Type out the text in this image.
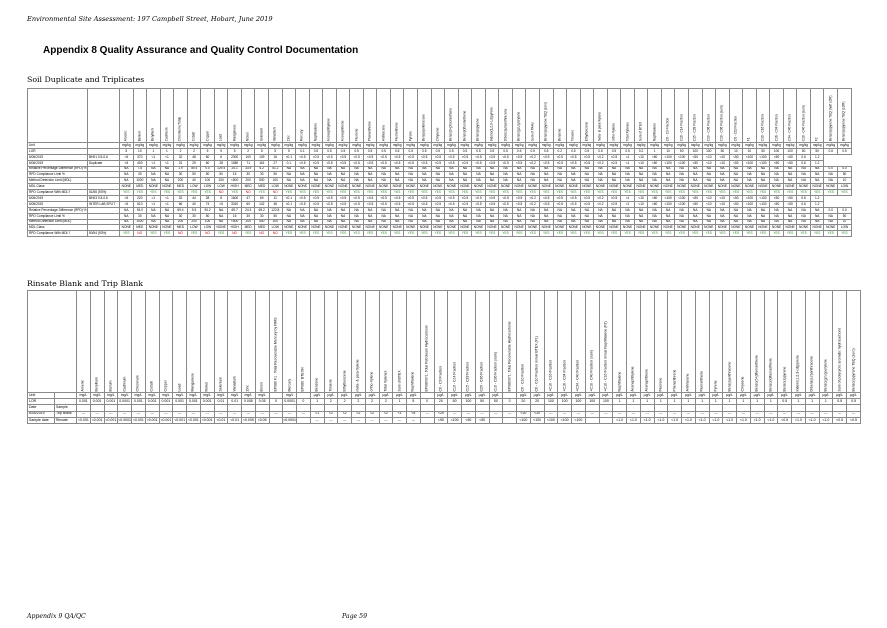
Environmental Site Assessment: 197 Campbell Street, Hobart, June 2019
Appendix 8 Quality Assurance and Quality Control Documentation
Soil Duplicate and Triplicates

		Arsenic	Barium	Beryllium	Cadmium	Chromium (Total)	Cobalt	Copper	Lead	Manganese	Nickel	Selenium	Vanadium	Zinc	Mercury	Naphthalene	Acenaphthylene	Acenaphthene	Fluorene	Phenanthrene	Anthracene	Fluoranthene	Pyrene	Benz(a)anthracene	Chrysene	Benzo(b+j)fluoranthene	Benzo(k)fluoranthene	Benzo(a)pyrene	Indeno(1,2,3-c,d)pyrene	Dibenz(a,h)anthracene	Benzo(g,h,i)perylene	Sum of PAHs	Benzo(a)pyrene TEQ (zero)	Benzene	Toluene	Ethylbenzene	meta- & para-Xylene	ortho-Xylene	Total Xylenes	Sum of BTEX	Naphthalene	C6 - C9 Fraction	C10 - C14 Fraction	C15 - C28 Fraction	C29 - C36 Fraction	C10 - C36 Fraction (sum)	C6 - C10 Fraction	F1	C10 - C16 Fraction	C16 - C34 Fraction	C34 - C40 Fraction	C10 - C40 Fraction (sum)	F2	Benzo(a)pyrene TEQ (half LOR)	Benzo(a)pyrene TEQ (LOR)

Unit		mg/kg	mg/kg	mg/kg	mg/kg	mg/kg	mg/kg	mg/kg	mg/kg	mg/kg	mg/kg	mg/kg	mg/kg	mg/kg	mg/kg	mg/kg	mg/kg	mg/kg	mg/kg	mg/kg	mg/kg	mg/kg	mg/kg	mg/kg	mg/kg	mg/kg	mg/kg	mg/kg	mg/kg	mg/kg	mg/kg	mg/kg	mg/kg	mg/kg	mg/kg	mg/kg	mg/kg	mg/kg	mg/kg	mg/kg	mg/kg	mg/kg	mg/kg	mg/kg	mg/kg	mg/kg	mg/kg	mg/kg	mg/kg	mg/kg	mg/kg	mg/kg	mg/kg	mg/kg	mg/kg
LOR		5	10	1	1	2	2	5	5	5	2	5	5	5	0.1	0.5	0.5	0.5	0.5	0.5	0.5	0.5	0.5	0.5	0.5	0.5	0.5	0.5	0.5	0.5	0.5	0.5	0.5	0.2	0.5	0.5	0.5	0.5	0.5	0.2	1	10	50	100	100	50	10	10	50	100	100	50	50	0.5	0.5
6/06/2019	BH01 0.5-0.6	<5	370	<1	<1	32	48	60	6	2300	100	109	16	<0.1	<0.5	<0.5	<0.5	<0.5	<0.5	<0.5	<0.5	<0.5	<0.5	<0.5	<0.5	<0.5	<0.5	<0.5	<0.5	<0.5	<0.5	<0.2	<0.5	<0.5	<0.5	<0.5	<0.2	<0.5	<1	<10	<50	<100	<100	<50	<10	<10	<50	<100	<100	<50	<50	0.6	1.2		
6/06/2019	Duplicate	<5	400	<1	<1	31	29	60	28	1080	71	116	27	0.1	<0.5	<0.5	<0.5	<0.5	<0.5	<0.5	<0.5	<0.5	<0.5	<0.5	<0.5	<0.5	<0.5	<0.5	<0.5	<0.5	<0.5	<0.2	<0.5	<0.5	<0.5	<0.5	<0.2	<0.5	<1	<10	<50	<100	<100	<50	<10	<10	<50	<100	<100	<50	<50	0.6	1.2		
Relative Percentage Difference (RPD) %		NA	7.8	NA	NA	1.9	49.4	0.0	129.4	20.1	33.9	6.2	51.2	NA	NA	NA	NA	NA	NA	NA	NA	NA	NA	NA	NA	NA	NA	NA	NA	NA	NA	NA	NA	NA	NA	NA	NA	NA	NA	NA	NA	NA	NA	NA	NA	NA	NA	NA	NA	NA	NA	NA	NA	0.0	0.0
RPD Compliance Limit %		NA	30	NA	NA	30	50	50	50	15	30	30	50	NA	NA	NA	NA	NA	NA	NA	NA	NA	NA	NA	NA	NA	NA	NA	NA	NA	NA	NA	NA	NA	NA	NA	NA	NA	NA	NA	NA	NA	NA	NA	NA	NA	NA	NA	NA	NA	NA	NA	NA	NA	50
Method Detection Limit (MDL)		NA	1000	NA	NA	200	40	100	100	<500	200	500	100	NA	NA	NA	NA	NA	NA	NA	NA	NA	NA	NA	NA	NA	NA	NA	NA	NA	NA	NA	NA	NA	NA	NA	NA	NA	NA	NA	NA	NA	NA	NA	NA	NA	NA	NA	NA	NA	NA	NA	NA	NA	10
MDL Class		NONE	MED	NONE	NONE	MED	LOW	LOW	LOW	HIGH	MED	MED	LOW	NONE	NONE	NONE	NONE	NONE	NONE	NONE	NONE	NONE	NONE	NONE	NONE	NONE	NONE	NONE	NONE	NONE	NONE	NONE	NONE	NONE	NONE	NONE	NONE	NONE	NONE	NONE	NONE	NONE	NONE	NONE	NONE	NONE	NONE	NONE	NONE	NONE	NONE	NONE	NONE	NONE	LOW
RPD Compliance With MDL?	51/56 (93%)	YES	YES	YES	YES	YES	YES	YES	NO	YES	NO	YES	NO	YES	YES	YES	YES	YES	YES	YES	YES	YES	YES	YES	YES	YES	YES	YES	YES	YES	YES	YES	YES	YES	YES	YES	YES	YES	YES	YES	YES	YES	YES	YES	YES	YES	YES	YES	YES	YES	YES	YES	YES	YES	YES
6/06/2019	BH03 0.5-0.6	<5	220	<1	<1	32	44	28	8	1600	47	69	11	<0.1	<0.5	<0.5	<0.5	<0.5	<0.5	<0.5	<0.5	<0.5	<0.5	<0.5	<0.5	<0.5	<0.5	<0.5	<0.5	<0.5	<0.5	<0.2	<0.5	<0.5	<0.5	<0.5	<0.2	<0.5	<1	<10	<50	<100	<100	<50	<10	<10	<50	<100	<100	<50	<50	0.6	1.2		
6/06/2019	INTER LAB SPLIT	<5	610	<1	<1	66	40	74	<5	3310	60	142	46	<0.1	<0.5	<0.5	<0.5	<0.5	<0.5	<0.5	<0.5	<0.5	<0.5	<0.5	<0.5	<0.5	<0.5	<0.5	<0.5	<0.5	<0.5	<0.2	<0.5	<0.5	<0.5	<0.5	<0.2	<0.5	<1	<10	<50	<100	<100	<50	<10	<10	<50	<100	<100	<50	<50	0.6	1.2		
Relative Percentage Difference (RPD) %		NA	94.0	NA	NA	69.4	9.5	90.2	NA	69.7	24.3	69.2	122.8	NA	NA	NA	NA	NA	NA	NA	NA	NA	NA	NA	NA	NA	NA	NA	NA	NA	NA	NA	NA	NA	NA	NA	NA	NA	NA	NA	NA	NA	NA	NA	NA	NA	NA	NA	NA	NA	NA	NA	NA	0.0	0.0
RPD Compliance Limit %		NA	30	NA	NA	30	30	50	NA	15	30	30	50	NA	NA	NA	NA	NA	NA	NA	NA	NA	NA	NA	NA	NA	NA	NA	NA	NA	NA	NA	NA	NA	NA	NA	NA	NA	NA	NA	NA	NA	NA	NA	NA	NA	NA	NA	NA	NA	NA	NA	NA	NA	50
Method Detection Limit (MDL)		NA	1000	NA	NA	200	200	100	NA	<500	200	500	100	NA	NA	NA	NA	NA	NA	NA	NA	NA	NA	NA	NA	NA	NA	NA	NA	NA	NA	NA	NA	NA	NA	NA	NA	NA	NA	NA	NA	NA	NA	NA	NA	NA	NA	NA	NA	NA	NA	NA	NA	NA	10
MDL Class		NONE	MED	NONE	NONE	MED	LOW	LOW	NONE	HIGH	MED	MED	LOW	NONE	NONE	NONE	NONE	NONE	NONE	NONE	NONE	NONE	NONE	NONE	NONE	NONE	NONE	NONE	NONE	NONE	NONE	NONE	NONE	NONE	NONE	NONE	NONE	NONE	NONE	NONE	NONE	NONE	NONE	NONE	NONE	NONE	NONE	NONE	NONE	NONE	NONE	NONE	NONE	NONE	LOW
RPD Compliance With MDL?	50/54 (93%)	YES	NO	YES	YES	NO	YES	NO	YES	NO	YES	NO	NO	YES	YES	YES	YES	YES	YES	YES	YES	YES	YES	YES	YES	YES	YES	YES	YES	YES	YES	YES	YES	YES	YES	YES	YES	YES	YES	YES	YES	YES	YES	YES	YES	YES	YES	YES	YES	YES	YES	YES	YES	YES	YES
Rinsate Blank and Trip Blank

		Arsenic	Beryllium	Barium	Cadmium	Chromium	Cobalt	Copper	Lead	Manganese	Nickel	Selenium	Vanadium	Zinc	Boron	EP080 F1 : Total Recoverable Mercury by FIMS	Mercury	EP080: BTEXN	Benzene	Toluene	Ethylbenzene	meta- & para-Xylene	ortho-Xylene	Total Xylenes	Sum of BTEX	Naphthalene	EP080/071: Total Petroleum Hydrocarbons	C6 - C9 Fraction	C10 - C14 Fraction	C15 - C28 Fraction	C29 - C36 Fraction	C10 - C36 Fraction (sum)	EP080/071: Total Recoverable Hydrocarbons	C6 - C10 Fraction	C6 - C10 Fraction minus BTEX (F1)	+C10 - C16 Fraction	+C16 - C34 Fraction	+C34 - C40 Fraction	+C10 - C40 Fraction (sum)	+C10 - C16 Fraction minus Naphthalene (F2)	Naphthalene	Acenaphthylene	Acenaphthene	Fluorene	Phenanthrene	Anthracene	Fluoranthene	Pyrene	Benz(a)anthracene	Chrysene	Benzo(b+j)fluoranthene	Benzo(k)fluoranthene	Benzo(a)pyrene	Indeno(1,2,3-cd)pyrene	Dibenz(a,h)anthracene	Benzo(g,h,i)perylene	Sum of polycyclic aromatic hydrocarbons	Benzo(a)pyrene TEQ (zero)

Unit		mg/L	mg/L	mg/L	mg/L	mg/L	mg/L	mg/L	mg/L	mg/L	mg/L	mg/L	mg/L	mg/L	mg/L		mg/L		µg/L	µg/L	µg/L	µg/L	µg/L	µg/L	µg/L	µg/L		µg/L	µg/L	µg/L	µg/L	µg/L		µg/L	µg/L	µg/L	µg/L	µg/L	µg/L	µg/L	µg/L	µg/L	µg/L	µg/L	µg/L	µg/L	µg/L	µg/L	µg/L	µg/L	µg/L	µg/L	µg/L	µg/L	µg/L	µg/L	µg/L	µg/L
LOR		0.001	0.001	0.001	0.0001	0.001	0.001	0.001	0.001	0.001	0.001	0.01	0.01	0.005	0.05	0	0.0001	0	1	2	2	2	2	2	1	5	0	20	50	100	50	50	0	20	20	100	100	100	100	100	1	1	1	1	1	1	1	1	1	1	1	1	0.5	1	1	1	0.5	0.5
Date	Sample																																																									
6/05/2019	Trip Blank	---	---	---	---	---	---	---	---	---	---	---	---	---	---	---	---	---	<1	<2	<2	<2	<2	<2	<1	<5	---	<20	---	---	---	---	---	<20	<20	---	---	---	---	---	---	---	---	---	---	---	---	---	---	---	---	---	---	---	---	---	---	---
Sample date	Rinsate	<0.001	<0.001	<0.001	<0.0001	<0.001	<0.001	<0.001	<0.001	<0.001	<0.001	<0.01	<0.01	<0.005	<0.05		<0.0001		---	---	---	---	---	---	---	---		<50	<100	<50	<50			<100	<100	<100	<100	<100			<1.0	<1.0	<1.0	<1.0	<1.0	<1.0	<1.0	<1.0	<1.0	<1.0	<1.0	<1.0	<0.5	<1.0	<1.0	<1.0	<0.5	<0.5
Appendix 9 QA/QC	Page 59
